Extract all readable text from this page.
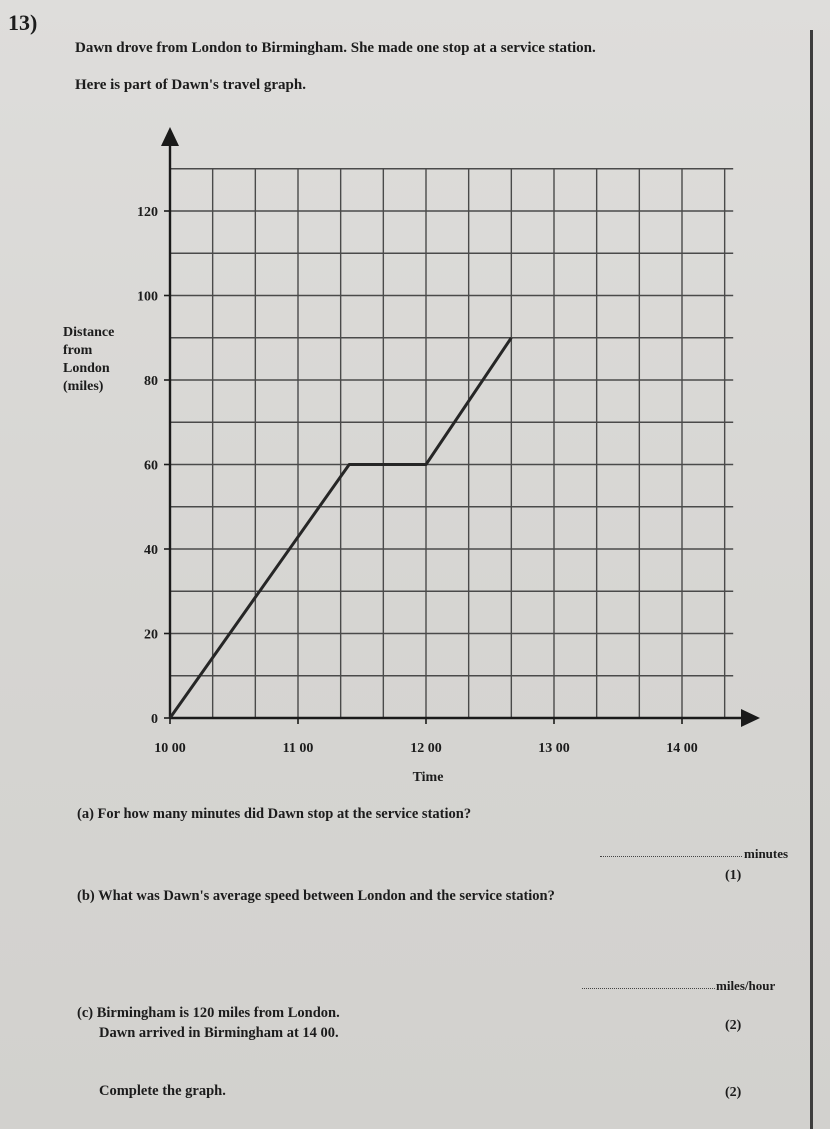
13)
Dawn drove from London to Birmingham. She made one stop at a service station.
Here is part of Dawn's travel graph.
0
20
40
60
80
100
120
10 00	11 00	12 00	13 00	14 00
Distance
from
London
(miles)
Time
(a) For how many minutes did Dawn stop at the service station?
minutes
(1)
(b) What was Dawn's average speed between London and the service station?
miles/hour
(2)
(c) Birmingham is 120 miles from London.
Dawn arrived in Birmingham at 14 00.
Complete the graph.	(2)
